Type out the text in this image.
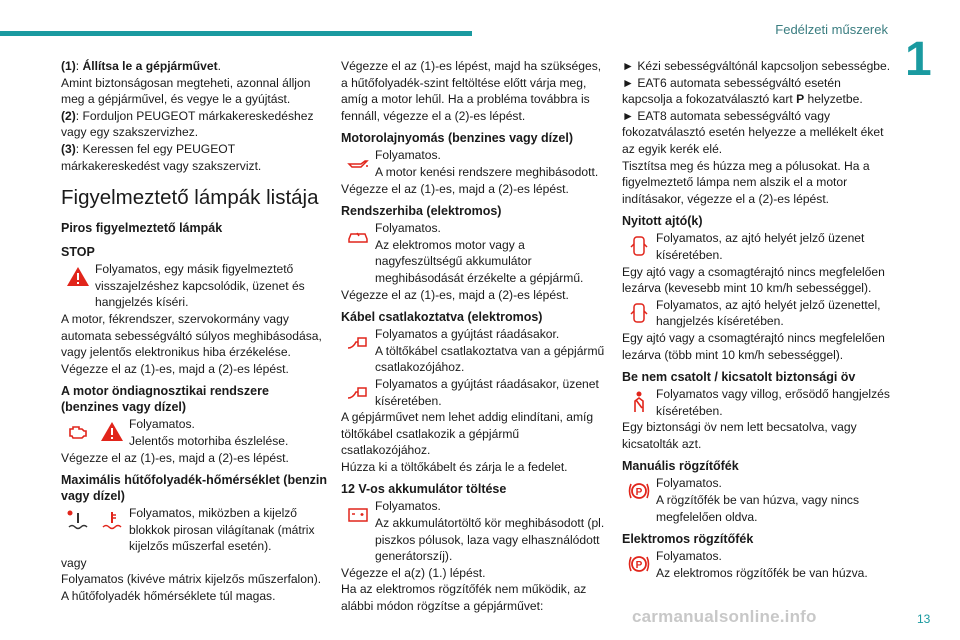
Fedélzeti műszerek
1

(1): Állítsa le a gépjárművet.

Amint biztonságosan megteheti, azonnal álljon meg a gépjárművel, és vegye le a gyújtást.

(2): Forduljon PEUGEOT márkakereskedéshez vagy egy szakszervizhez.

(3): Keressen fel egy PEUGEOT márkakereskedést vagy szakszervizt.

Figyelmeztető lámpák listája
Piros figyelmeztető lámpák
STOP
Folyamatos, egy másik figyelmeztető visszajelzéshez kapcsolódik, üzenet és hangjelzés kíséri.

A motor, fékrendszer, szervokormány vagy automata sebességváltó súlyos meghibásodása, vagy jelentős elektronikus hiba érzékelése.

Végezze el az (1)-es, majd a (2)-es lépést.

A motor öndiagnosztikai rendszere (benzines vagy dízel)
Folyamatos.
Jelentős motorhiba észlelése.

Végezze el az (1)-es, majd a (2)-es lépést.

Maximális hűtőfolyadék-hőmérséklet (benzin vagy dízel)
Folyamatos, miközben a kijelző blokkok pirosan világítanak (mátrix kijelzős műszerfal esetén).

vagy

Folyamatos (kivéve mátrix kijelzős műszerfalon).

A hűtőfolyadék hőmérséklete túl magas.

Végezze el az (1)-es lépést, majd ha szükséges, a hűtőfolyadék-szint feltöltése előtt várja meg, amíg a motor lehűl. Ha a probléma továbbra is fennáll, végezze el a (2)-es lépést.

Motorolajnyomás (benzines vagy dízel)
Folyamatos.
A motor kenési rendszere meghibásodott.

Végezze el az (1)-es, majd a (2)-es lépést.

Rendszerhiba (elektromos)
Folyamatos.
Az elektromos motor vagy a nagyfeszültségű akkumulátor meghibásodását érzékelte a gépjármű.

Végezze el az (1)-es, majd a (2)-es lépést.

Kábel csatlakoztatva (elektromos)
Folyamatos a gyújtást ráadásakor.
A töltőkábel csatlakoztatva van a gépjármű csatlakozójához.
Folyamatos a gyújtást ráadásakor, üzenet kíséretében.

A gépjárművet nem lehet addig elindítani, amíg töltőkábel csatlakozik a gépjármű csatlakozójához.

Húzza ki a töltőkábelt és zárja le a fedelet.

12 V-os akkumulátor töltése
Folyamatos.
Az akkumulátortöltő kör meghibásodott (pl. piszkos pólusok, laza vagy elhasználódott generátorszíj).

Végezze el a(z) (1.) lépést.

Ha az elektromos rögzítőfék nem működik, az alábbi módon rögzítse a gépjárművet:

► Kézi sebességváltónál kapcsoljon sebességbe.

► EAT6 automata sebességváltó esetén kapcsolja a fokozatválasztó kart P helyzetbe.

► EAT8 automata sebességváltó vagy fokozatválasztó esetén helyezze a mellékelt éket az egyik kerék elé.

Tisztítsa meg és húzza meg a pólusokat. Ha a figyelmeztető lámpa nem alszik el a motor indításakor, végezze el a (2)-es lépést.

Nyitott ajtó(k)
Folyamatos, az ajtó helyét jelző üzenet kíséretében.

Egy ajtó vagy a csomagtérajtó nincs megfelelően lezárva (kevesebb mint 10 km/h sebességgel).

Folyamatos, az ajtó helyét jelző üzenettel, hangjelzés kíséretében.

Egy ajtó vagy a csomagtérajtó nincs megfelelően lezárva (több mint 10 km/h sebességgel).

Be nem csatolt / kicsatolt biztonsági öv
Folyamatos vagy villog, erősödő hangjelzés kíséretében.

Egy biztonsági öv nem lett becsatolva, vagy kicsatolták azt.

Manuális rögzítőfék
P
Folyamatos.
A rögzítőfék be van húzva, vagy nincs megfelelően oldva.
Elektromos rögzítőfék
P
Folyamatos.
Az elektromos rögzítőfék be van húzva.
carmanualsonline.info	13
